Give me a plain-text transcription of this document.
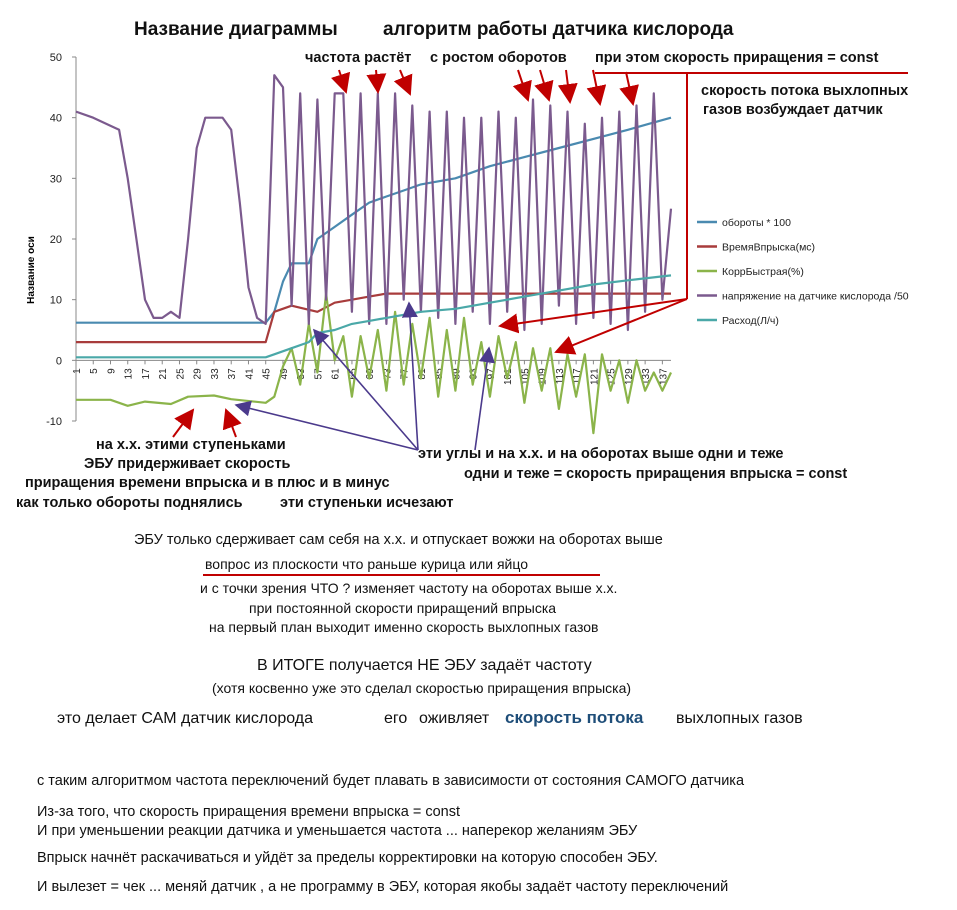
-10
0
10
20
30
40
50
1 5 9 13 17 21 25 29 33 37 41 45 49 53 57 61 65 69 73 77 81 85 89 93 97 101 105 109 113 117 121 125 129 133 137
Название оси
обороты * 100
ВремяВпрыска(мс)
КоррБыстрая(%)
напряжение на датчике кислорода /50
Расход(Л/ч)
Название диаграммы алгоритм работы датчика кислорода
частота растёт с ростом оборотов при этом скорость приращения = const
скорость потока выхлопных
газов возбуждает датчик
на х.х. этими ступеньками
ЭБУ придерживает скорость
приращения времени впрыска и в плюс и в минус
как только обороты поднялись	эти ступеньки исчезают
эти углы и на х.х. и на оборотах выше одни и теже
одни и теже = скорость приращения впрыска = const
ЭБУ только сдерживает сам себя на х.х. и отпускает вожжи на оборотах выше
вопрос из плоскости что раньше курица или яйцо
и с точки зрения ЧТО ? изменяет частоту на оборотах выше х.х.
при постоянной скорости приращений впрыска
на первый план выходит именно скорость выхлопных газов
В ИТОГЕ получается НЕ ЭБУ задаёт частоту
(хотя косвенно уже это сделал скоростью приращения впрыска)
это делает САМ датчик кислорода	его оживляет скорость потока выхлопных газов
с таким алгоритмом частота переключений будет плавать в зависимости от состояния САМОГО датчика
Из-за того, что скорость приращения времени впрыска = const
И при уменьшении реакции датчика и уменьшается частота ... наперекор желаниям ЭБУ
Впрыск начнёт раскачиваться и уйдёт за пределы корректировки на которую способен ЭБУ.
И вылезет = чек ... меняй датчик , а не программу в ЭБУ, которая якобы задаёт частоту переключений
